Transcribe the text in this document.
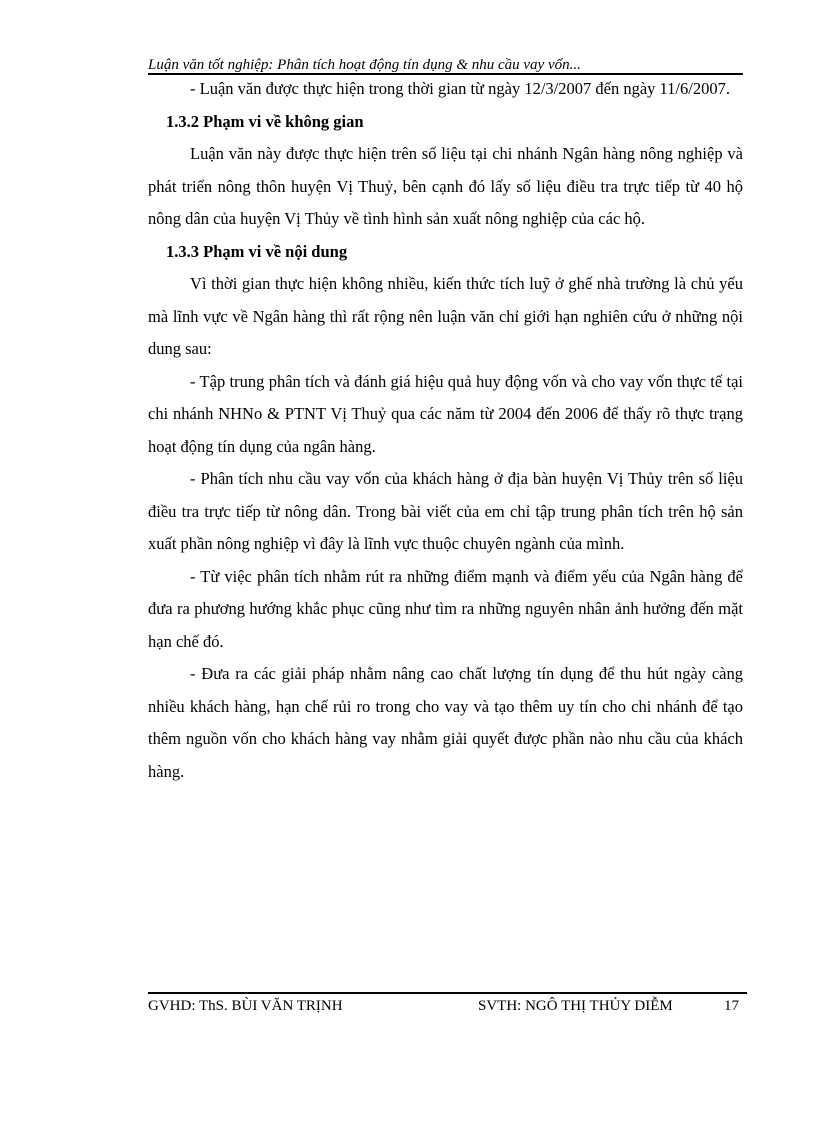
Luận văn tốt nghiệp: Phân tích hoạt động tín dụng & nhu cầu vay vốn...

- Luận văn được thực hiện trong thời gian từ ngày 12/3/2007 đến ngày 11/6/2007.

1.3.2 Phạm vi về không gian

Luận văn này được thực hiện trên số liệu tại chi nhánh Ngân hàng nông nghiệp và phát triển nông thôn huyện Vị Thuỷ, bên cạnh đó lấy số liệu điều tra trực tiếp từ 40 hộ nông dân của huyện Vị Thủy về tình hình sản xuất nông nghiệp của các hộ.

1.3.3 Phạm vi về nội dung

Vì thời gian thực hiện không nhiều, kiến thức tích luỹ ở ghế nhà trường là chủ yếu mà lĩnh vực về Ngân hàng thì rất rộng nên luận văn chỉ giới hạn nghiên cứu ở những nội dung sau:

- Tập trung phân tích và đánh giá hiệu quả huy động vốn và cho vay vốn thực tế tại chi nhánh NHNo & PTNT Vị Thuỷ qua các năm từ 2004 đến 2006 để thấy rõ thực trạng hoạt động tín dụng của ngân hàng.

- Phân tích nhu cầu vay vốn của khách hàng ở địa bàn huyện Vị Thủy trên số liệu điều tra trực tiếp từ nông dân. Trong bài viết của em chỉ tập trung phân tích trên hộ sản xuất phần nông nghiệp vì đây là lĩnh vực thuộc chuyên ngành của mình.

- Từ việc phân tích nhằm rút ra những điểm mạnh và điểm yếu của Ngân hàng để đưa ra phương hướng khắc phục cũng như tìm ra những nguyên nhân ảnh hưởng đến mặt hạn chế đó.

- Đưa ra các giải pháp nhằm nâng cao chất lượng tín dụng để thu hút ngày càng nhiều khách hàng, hạn chế rủi ro trong cho vay và tạo thêm uy tín cho chi nhánh để tạo thêm nguồn vốn cho khách hàng vay nhằm giải quyết được phần nào nhu cầu của khách hàng.

GVHD: ThS. BÙI VĂN TRỊNH	SVTH: NGÔ THỊ THỦY DIỄM	17
